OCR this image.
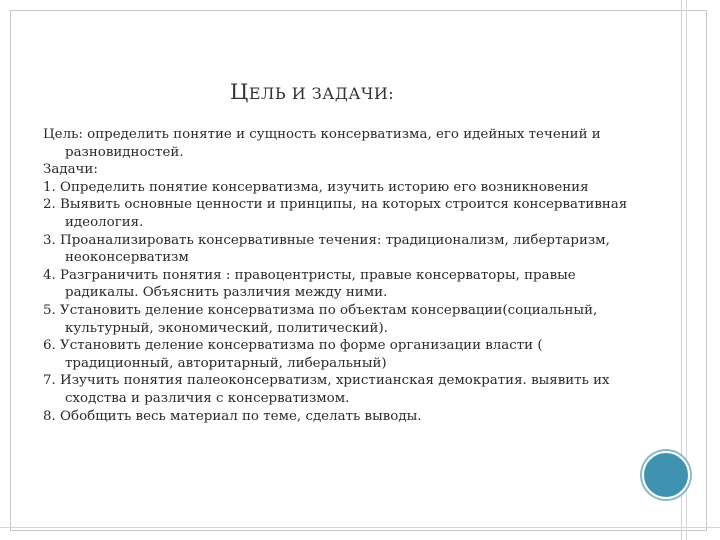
ЦЕЛЬ И ЗАДАЧИ:

Цель: определить понятие и сущность консерватизма, его идейных течений и разновидностей.

Задачи:

1. Определить понятие консерватизма, изучить историю его возникновения

2. Выявить основные ценности и принципы, на которых строится консервативная идеология.

3. Проанализировать консервативные течения: традиционализм, либертаризм, неоконсерватизм

4. Разграничить понятия : правоцентристы, правые консерваторы, правые радикалы. Объяснить различия между ними.

5. Установить деление консерватизма по объектам консервации(социальный, культурный, экономический, политический).

6. Установить деление консерватизма по форме организации власти ( традиционный, авторитарный, либеральный)

7. Изучить понятия палеоконсерватизм, христианская демократия. выявить их сходства и различия с консерватизмом.

8. Обобщить весь материал по теме, сделать выводы.
